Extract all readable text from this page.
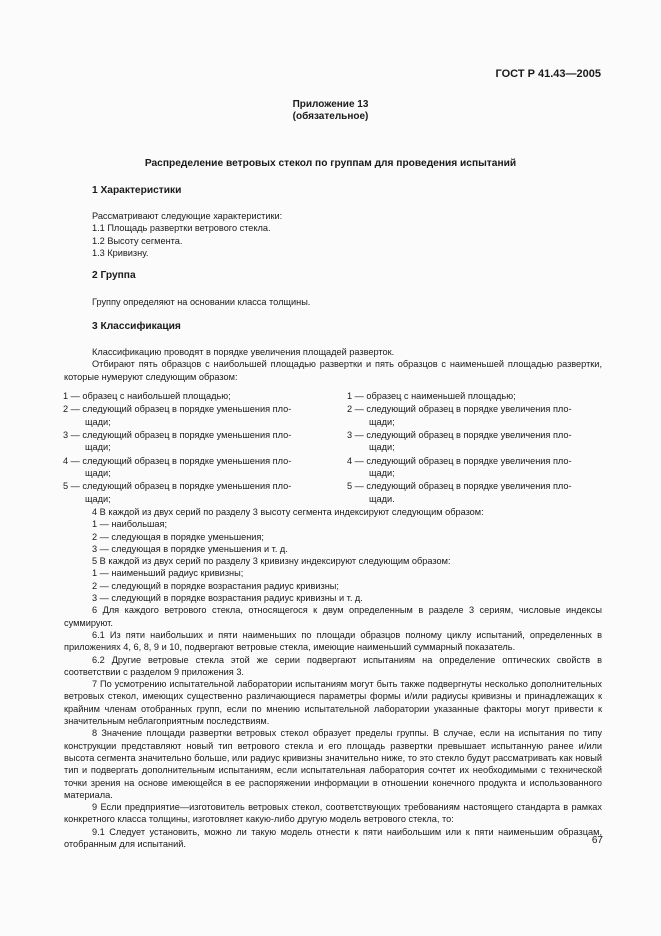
ГОСТ Р 41.43—2005
Приложение 13
(обязательное)
Распределение ветровых стекол по группам для проведения испытаний
1 Характеристики
Рассматривают следующие характеристики:
1.1 Площадь развертки ветрового стекла.
1.2 Высоту сегмента.
1.3 Кривизну.
2 Группа
Группу определяют на основании класса толщины.
3 Классификация

Классификацию проводят в порядке увеличения площадей разверток.

Отбирают пять образцов с наибольшей площадью развертки и пять образцов с наименьшей площадью развертки, которые нумеруют следующим образом:

1 — образец с наибольшей площадью;
2 — следующий образец в порядке уменьшения пло-
щади;
3 — следующий образец в порядке уменьшения пло-
щади;
4 — следующий образец в порядке уменьшения пло-
щади;
5 — следующий образец в порядке уменьшения пло-
щади;
1 — образец с наименьшей площадью;
2 — следующий образец в порядке увеличения пло-
щади;
3 — следующий образец в порядке увеличения пло-
щади;
4 — следующий образец в порядке увеличения пло-
щади;
5 — следующий образец в порядке увеличения пло-
щади.

4 В каждой из двух серий по разделу 3 высоту сегмента индексируют следующим образом:

1 — наибольшая;

2 — следующая в порядке уменьшения;

3 — следующая в порядке уменьшения и т. д.

5 В каждой из двух серий по разделу 3 кривизну индексируют следующим образом:

1 — наименьший радиус кривизны;

2 — следующий в порядке возрастания радиус кривизны;

3 — следующий в порядке возрастания радиус кривизны и т. д.

6 Для каждого ветрового стекла, относящегося к двум определенным в разделе 3 сериям, числовые индексы суммируют.

6.1 Из пяти наибольших и пяти наименьших по площади образцов полному циклу испытаний, определенных в приложениях 4, 6, 8, 9 и 10, подвергают ветровые стекла, имеющие наименьший суммарный показатель.

6.2 Другие ветровые стекла этой же серии подвергают испытаниям на определение оптических свойств в соответствии с разделом 9 приложения 3.

7 По усмотрению испытательной лаборатории испытаниям могут быть также подвергнуты несколько дополнительных ветровых стекол, имеющих существенно различающиеся параметры формы и/или радиусы кривизны и принадлежащих к крайним членам отобранных групп, если по мнению испытательной лаборатории указанные факторы могут привести к значительным неблагоприятным последствиям.

8 Значение площади развертки ветровых стекол образует пределы группы. В случае, если на испытания по типу конструкции представляют новый тип ветрового стекла и его площадь развертки превышает испытанную ранее и/или высота сегмента значительно больше, или радиус кривизны значительно ниже, то это стекло будут рассматривать как новый тип и подвергать дополнительным испытаниям, если испытательная лаборатория сочтет их необходимыми с технической точки зрения на основе имеющейся в ее распоряжении информации в отношении конечного продукта и использованного материала.

9 Если предприятие—изготовитель ветровых стекол, соответствующих требованиям настоящего стандарта в рамках конкретного класса толщины, изготовляет какую-либо другую модель ветрового стекла, то:

9.1 Следует установить, можно ли такую модель отнести к пяти наибольшим или к пяти наименьшим образцам, отобранным для испытаний.	67
